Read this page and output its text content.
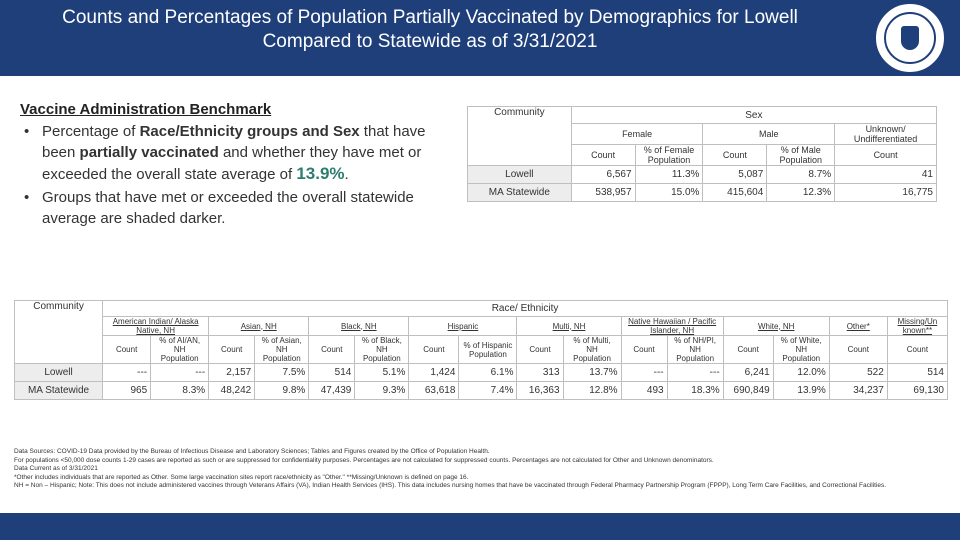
Counts and Percentages of Population Partially Vaccinated by Demographics for Lowell Compared to Statewide as of 3/31/2021
Vaccine Administration Benchmark
• Percentage of Race/Ethnicity groups and Sex that have been partially vaccinated and whether they have met or exceeded the overall state average of 13.9%.
• Groups that have met or exceeded the overall statewide average are shaded darker.
Community	Sex				
	Female		Male		Unknown/ Undifferentiated
	Count	% of Female Population	Count	% of Male Population	Count
Lowell	6,567	11.3%	5,087	8.7%	41
MA Statewide	538,957	15.0%	415,604	12.3%	16,775
Community	Race/ Ethnicity															
	American Indian/ Alaska Native, NH		Asian, NH		Black, NH		Hispanic		Multi, NH		Native Hawaiian / Pacific Islander, NH		White, NH		Other*	Missing/Un known**
	Count	% of AI/AN, NH Population	Count	% of Asian, NH Population	Count	% of Black, NH Population	Count	% of Hispanic Population	Count	% of Multi, NH Population	Count	% of NH/PI, NH Population	Count	% of White, NH Population	Count	Count
Lowell	---	---	2,157	7.5%	514	5.1%	1,424	6.1%	313	13.7%	---	---	6,241	12.0%	522	514
MA Statewide	965	8.3%	48,242	9.8%	47,439	9.3%	63,618	7.4%	16,363	12.8%	493	18.3%	690,849	13.9%	34,237	69,130
Data Sources: COVID-19 Data provided by the Bureau of Infectious Disease and Laboratory Sciences; Tables and Figures created by the Office of Population Health.
For populations <50,000 dose counts 1-29 cases are reported as such or are suppressed for confidentiality purposes. Percentages are not calculated for suppressed counts. Percentages are not calculated for Other and Unknown denominators.
Data Current as of 3/31/2021
*Other includes individuals that are reported as Other. Some large vaccination sites report race/ethnicity as "Other." **Missing/Unknown is defined on page 16.
NH = Non – Hispanic; Note: This does not include administered vaccines through Veterans Affairs (VA), Indian Health Services (IHS). This data includes nursing homes that have be vaccinated through Federal Pharmacy Partnership Program (FPPP), Long Term Care Facilities, and Correctional Facilities.
